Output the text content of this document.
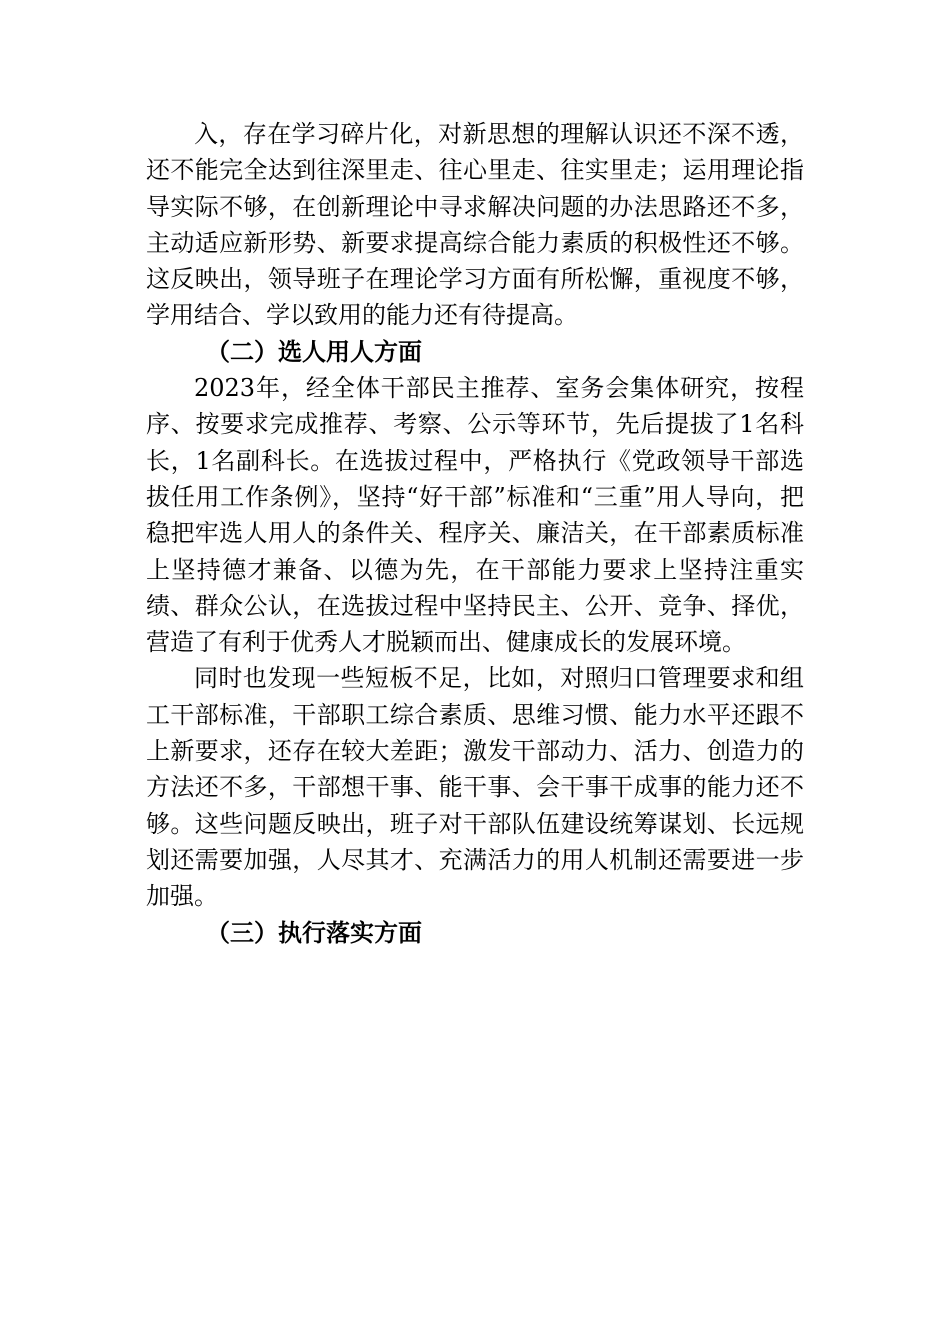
入，存在学习碎片化，对新思想的理解认识还不深不透，还不能完全达到往深里走、往心里走、往实里走；运用理论指导实际不够，在创新理论中寻求解决问题的办法思路还不多，主动适应新形势、新要求提高综合能力素质的积极性还不够。这反映出，领导班子在理论学习方面有所松懈，重视度不够，学用结合、学以致用的能力还有待提高。

（二）选人用人方面

2023年，经全体干部民主推荐、室务会集体研究，按程序、按要求完成推荐、考察、公示等环节，先后提拔了1名科长，1名副科长。在选拔过程中，严格执行《党政领导干部选拔任用工作条例》，坚持“好干部”标准和“三重”用人导向，把稳把牢选人用人的条件关、程序关、廉洁关，在干部素质标准上坚持德才兼备、以德为先，在干部能力要求上坚持注重实绩、群众公认，在选拔过程中坚持民主、公开、竞争、择优，营造了有利于优秀人才脱颖而出、健康成长的发展环境。

同时也发现一些短板不足，比如，对照归口管理要求和组工干部标准，干部职工综合素质、思维习惯、能力水平还跟不上新要求，还存在较大差距；激发干部动力、活力、创造力的方法还不多，干部想干事、能干事、会干事干成事的能力还不够。这些问题反映出，班子对干部队伍建设统筹谋划、长远规划还需要加强，人尽其才、充满活力的用人机制还需要进一步加强。

（三）执行落实方面
